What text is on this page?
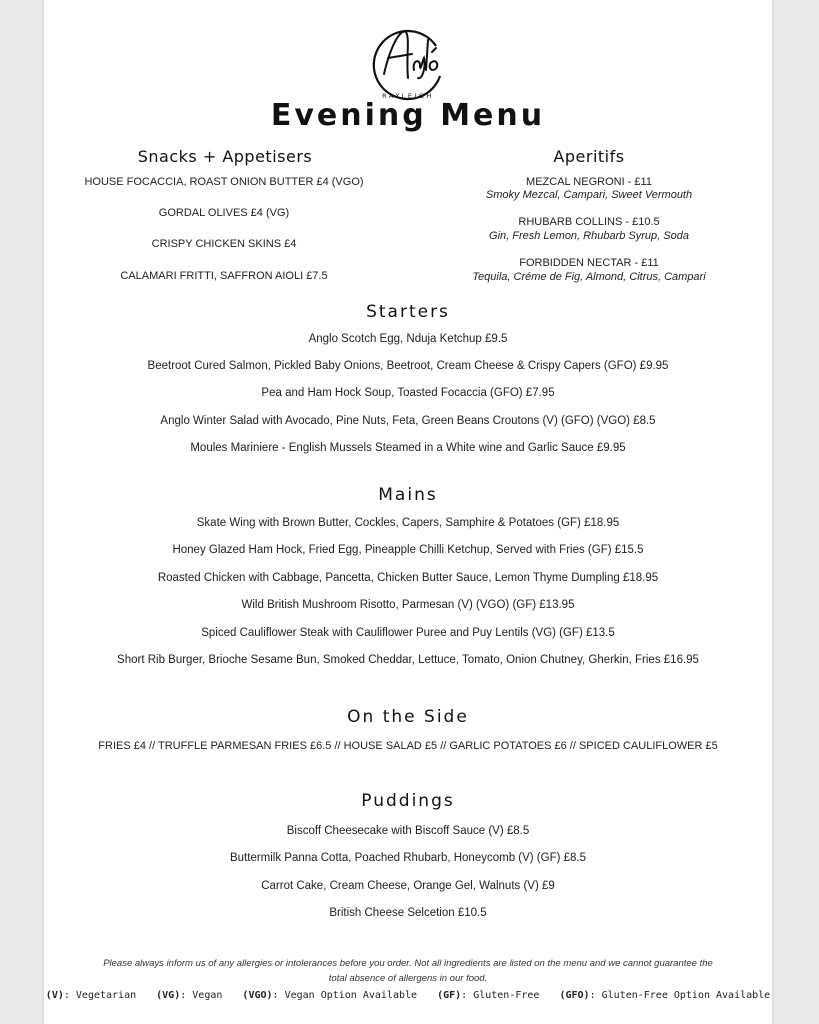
RAYLEIGH
Evening Menu
Snacks + Appetisers
HOUSE FOCACCIA, ROAST ONION BUTTER £4 (VGO)
GORDAL OLIVES £4 (VG)
CRISPY CHICKEN SKINS £4
CALAMARI FRITTI, SAFFRON AIOLI £7.5
Aperitifs
MEZCAL NEGRONI - £11
Smoky Mezcal, Campari, Sweet Vermouth
RHUBARB COLLINS - £10.5
Gin, Fresh Lemon, Rhubarb Syrup, Soda
FORBIDDEN NECTAR - £11
Tequila, Créme de Fig, Almond, Citrus, Campari
Starters
Anglo Scotch Egg, Nduja Ketchup £9.5
Beetroot Cured Salmon, Pickled Baby Onions, Beetroot, Cream Cheese & Crispy Capers (GFO) £9.95
Pea and Ham Hock Soup, Toasted Focaccia (GFO) £7.95
Anglo Winter Salad with Avocado, Pine Nuts, Feta, Green Beans Croutons (V) (GFO) (VGO) £8.5
Moules Mariniere - English Mussels Steamed in a White wine and Garlic Sauce £9.95
Mains
Skate Wing with Brown Butter, Cockles, Capers, Samphire & Potatoes (GF) £18.95
Honey Glazed Ham Hock, Fried Egg, Pineapple Chilli Ketchup, Served with Fries (GF) £15.5
Roasted Chicken with Cabbage, Pancetta, Chicken Butter Sauce, Lemon Thyme Dumpling £18.95
Wild British Mushroom Risotto, Parmesan (V) (VGO) (GF) £13.95
Spiced Cauliflower Steak with Cauliflower Puree and Puy Lentils (VG) (GF) £13.5
Short Rib Burger, Brioche Sesame Bun, Smoked Cheddar, Lettuce, Tomato, Onion Chutney, Gherkin, Fries £16.95
On the Side
FRIES £4 // TRUFFLE PARMESAN FRIES £6.5 // HOUSE SALAD £5 // GARLIC POTATOES £6 // SPICED CAULIFLOWER £5
Puddings
Biscoff Cheesecake with Biscoff Sauce (V) £8.5
Buttermilk Panna Cotta, Poached Rhubarb, Honeycomb (V) (GF) £8.5
Carrot Cake, Cream Cheese, Orange Gel, Walnuts (V) £9
British Cheese Selcetion £10.5
Please always inform us of any allergies or intolerances before you order. Not all ingredients are listed on the menu and we cannot guarantee the
total absence of allergens in our food.
(V): Vegetarian (VG): Vegan (VGO): Vegan Option Available (GF): Gluten-Free (GFO): Gluten-Free Option Available
